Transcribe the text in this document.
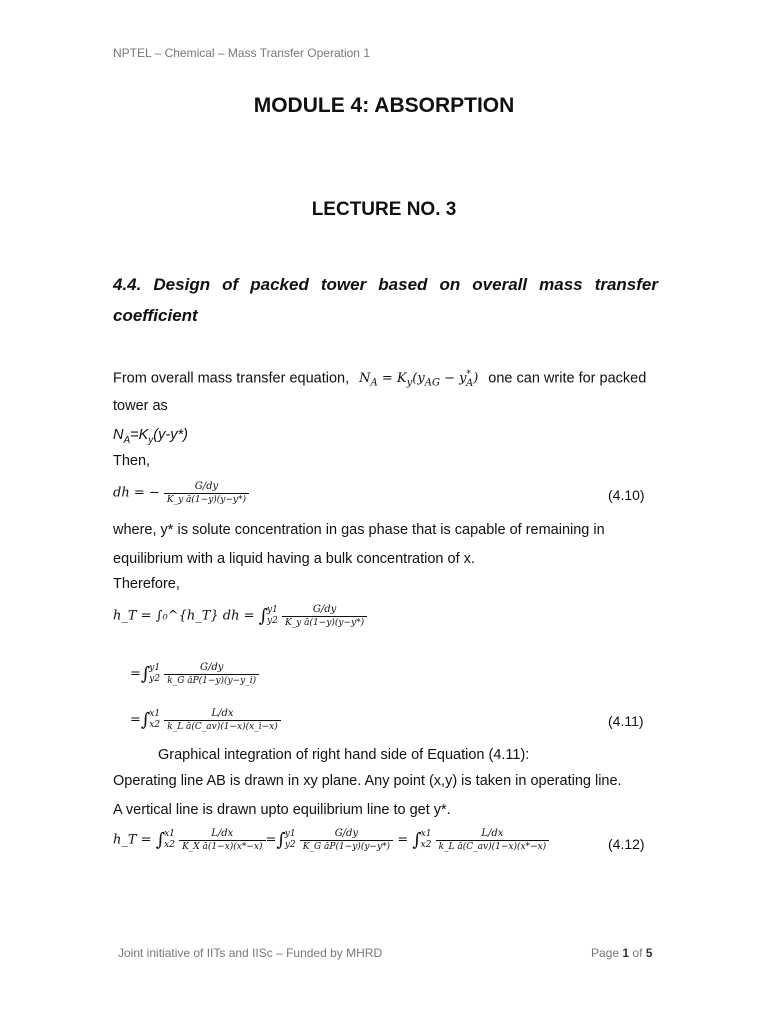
NPTEL – Chemical – Mass Transfer Operation 1
MODULE 4: ABSORPTION
LECTURE NO. 3
4.4. Design of packed tower based on overall mass transfer coefficient
From overall mass transfer equation, $N_A = K_y(y_{AG} - y^*_A)$ one can write for packed
tower as
$N_A=K_y(y-y*)$
Then,
dh = − $\frac{G/dy}{\text{K\_y ā(1−y)(y−y*)}}$	(4.10)
where, y* is solute concentration in gas phase that is capable of remaining in
equilibrium with a liquid having a bulk concentration of x.
Therefore,
h_T = ∫₀^{h_T} dh = ∫ y1
y2
$\frac{G/dy}{\text{K\_y ā(1−y)(y−y*)}}$
=∫ y1
y2
$\frac{G/dy}{\text{k\_G āP(1−y)(y−y\_i)}}$
=∫ x1
x2
$\frac{L/dx}{\text{k\_L ā(C\_av)(1−x)(x\_i−x)}}$	(4.11)
Graphical integration of right hand side of Equation (4.11):
Operating line AB is drawn in xy plane. Any point (x,y) is taken in operating line.
A vertical line is drawn upto equilibrium line to get y*.
h_T = ∫ x1
x2
$\frac{L/dx}{\text{K\_X ā(1−x)(x*−x)}}$ =∫ y1
y2
$\frac{G/dy}{\text{K\_G āP(1−y)(y−y*)}}$ = ∫ x1
x2
$\frac{L/dx}{\text{k\_L ā(C\_av)(1−x)(x*−x)}}$	(4.12)
Joint initiative of IITs and IISc – Funded by MHRD	Page 1 of 5
